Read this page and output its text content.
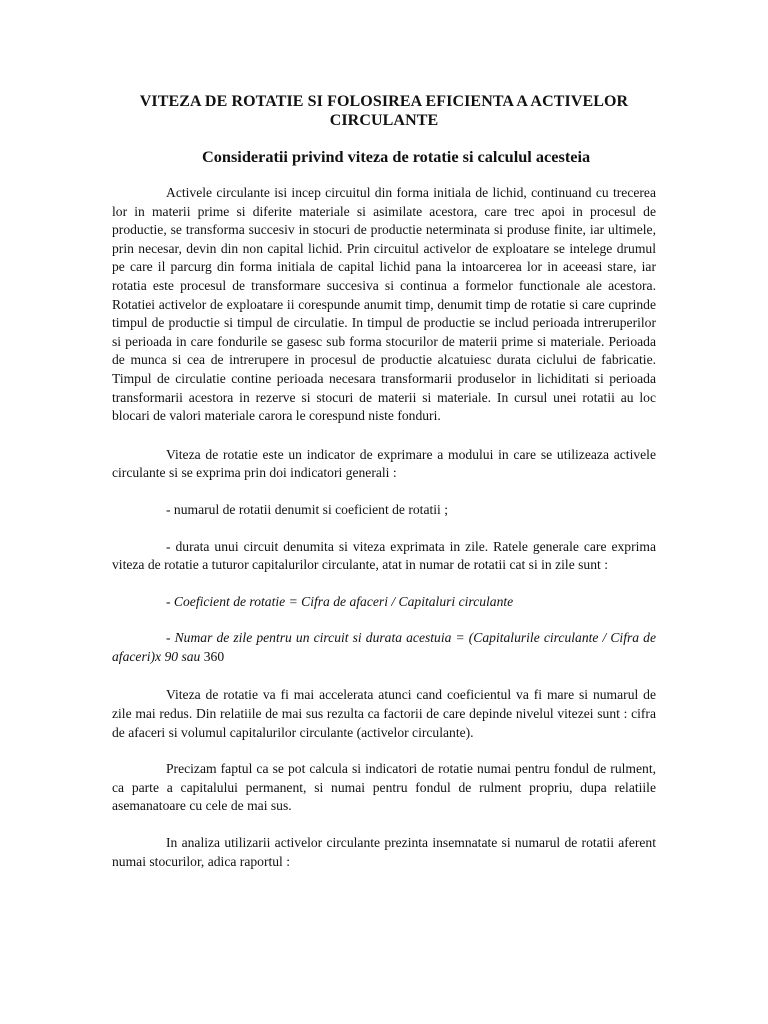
VITEZA DE ROTATIE SI FOLOSIREA EFICIENTA A ACTIVELOR
CIRCULANTE
Consideratii privind viteza de rotatie si calculul acesteia

Activele circulante isi incep circuitul din forma initiala de lichid, continuand cu trecerea lor in materii prime si diferite materiale si asimilate acestora, care trec apoi in procesul de productie, se transforma succesiv in stocuri de productie neterminata si produse finite, iar ultimele, prin necesar, devin din non capital lichid. Prin circuitul activelor de exploatare se intelege drumul pe care il parcurg din forma initiala de capital lichid pana la intoarcerea lor in aceeasi stare, iar rotatia este procesul de transformare succesiva si continua a formelor functionale ale acestora. Rotatiei activelor de exploatare ii corespunde anumit timp, denumit timp de rotatie si care cuprinde timpul de productie si timpul de circulatie. In timpul de productie se includ perioada intreruperilor si perioada in care fondurile se gasesc sub forma stocurilor de materii prime si materiale. Perioada de munca si cea de intrerupere in procesul de productie alcatuiesc durata ciclului de fabricatie. Timpul de circulatie contine perioada necesara transformarii produselor in lichiditati si perioada transformarii acestora in rezerve si stocuri de materii si materiale. In cursul unei rotatii au loc blocari de valori materiale carora le corespund niste fonduri.

Viteza de rotatie este un indicator de exprimare a modului in care se utilizeaza activele circulante si se exprima prin doi indicatori generali :

- numarul de rotatii denumit si coeficient de rotatii ;

- durata unui circuit denumita si viteza exprimata in zile. Ratele generale care exprima viteza de rotatie a tuturor capitalurilor circulante, atat in numar de rotatii cat si in zile sunt :

- Coeficient de rotatie = Cifra de afaceri / Capitaluri circulante

- Numar de zile pentru un circuit si durata acestuia = (Capitalurile circulante / Cifra de afaceri)x 90 sau 360

Viteza de rotatie va fi mai accelerata atunci cand coeficientul va fi mare si numarul de zile mai redus. Din relatiile de mai sus rezulta ca factorii de care depinde nivelul vitezei sunt : cifra de afaceri si volumul capitalurilor circulante (activelor circulante).

Precizam faptul ca se pot calcula si indicatori de rotatie numai pentru fondul de rulment, ca parte a capitalului permanent, si numai pentru fondul de rulment propriu, dupa relatiile asemanatoare cu cele de mai sus.

In analiza utilizarii activelor circulante prezinta insemnatate si numarul de rotatii aferent numai stocurilor, adica raportul :
